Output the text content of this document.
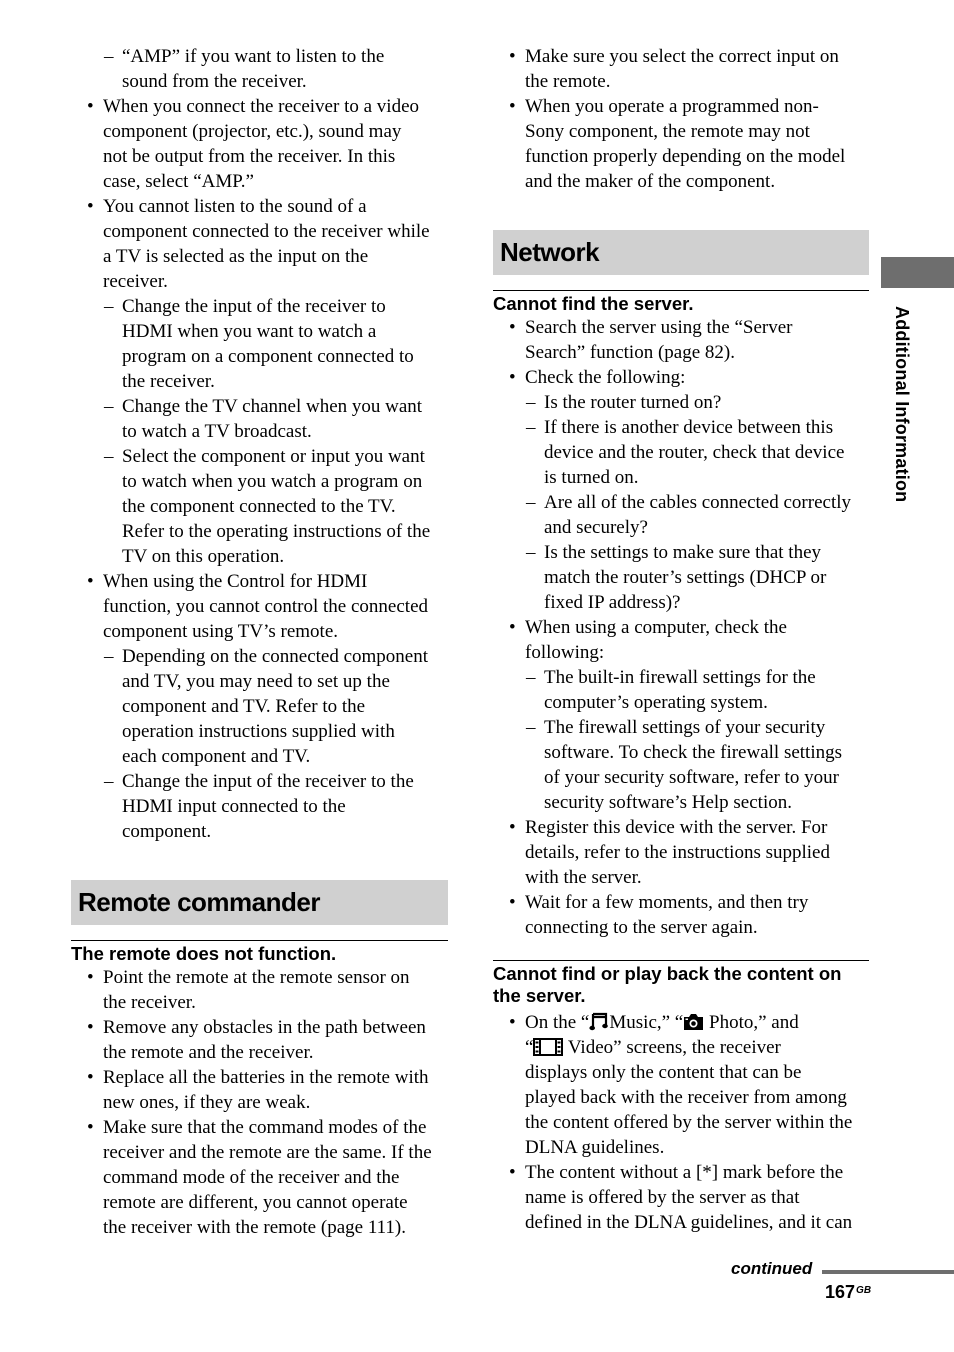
– “AMP” if you want to listen to the
sound from the receiver.
• When you connect the receiver to a video
component (projector, etc.), sound may
not be output from the receiver. In this
case, select “AMP.”
• You cannot listen to the sound of a
component connected to the receiver while
a TV is selected as the input on the
receiver.
– Change the input of the receiver to
HDMI when you want to watch a
program on a component connected to
the receiver.
– Change the TV channel when you want
to watch a TV broadcast.
– Select the component or input you want
to watch when you watch a program on
the component connected to the TV.
Refer to the operating instructions of the
TV on this operation.
• When using the Control for HDMI
function, you cannot control the connected
component using TV’s remote.
– Depending on the connected component
and TV, you may need to set up the
component and TV. Refer to the
operation instructions supplied with
each component and TV.
– Change the input of the receiver to the
HDMI input connected to the
component.
Remote commander
The remote does not function.
• Point the remote at the remote sensor on
the receiver.
• Remove any obstacles in the path between
the remote and the receiver.
• Replace all the batteries in the remote with
new ones, if they are weak.
• Make sure that the command modes of the
receiver and the remote are the same. If the
command mode of the receiver and the
remote are different, you cannot operate
the receiver with the remote (page 111).
• Make sure you select the correct input on
the remote.
• When you operate a programmed non-
Sony component, the remote may not
function properly depending on the model
and the maker of the component.
Network
Cannot find the server.
• Search the server using the “Server
Search” function (page 82).
• Check the following:
– Is the router turned on?
– If there is another device between this
device and the router, check that device
is turned on.
– Are all of the cables connected correctly
and securely?
– Is the settings to make sure that they
match the router’s settings (DHCP or
fixed IP address)?
• When using a computer, check the
following:
– The built-in firewall settings for the
computer’s operating system.
– The firewall settings of your security
software. To check the firewall settings
of your security software, refer to your
security software’s Help section.
• Register this device with the server. For
details, refer to the instructions supplied
with the server.
• Wait for a few moments, and then try
connecting to the server again.
Cannot find or play back the content on
the server.
• On the “ Music,” “ Photo,” and
“ Video” screens, the receiver
displays only the content that can be
played back with the receiver from among
the content offered by the server within the
DLNA guidelines.
• The content without a [*] mark before the
name is offered by the server as that
defined in the DLNA guidelines, and it can
Additional Information
continued
$167^{GB}$
